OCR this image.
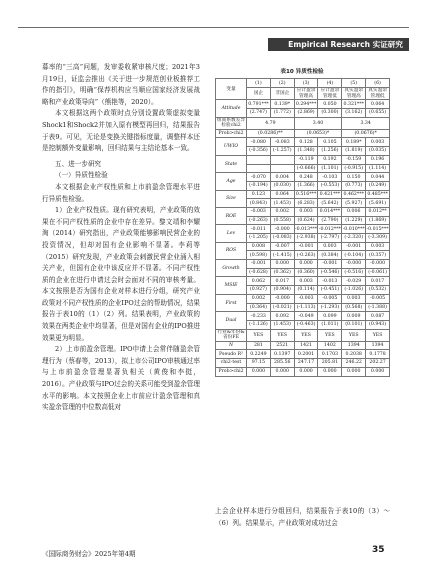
Empirical Research 实证研究

募率的“三高”问题，发审委收紧审核尺度；2021年3月19日，证监会推出《关于进一步规范创业板推荐工作的指引》，明确“保荐机构应当顺应国家经济发展战略和产业政策导向”（熊艳等，2020）。

本文根据这两个政策时点分别设置政策虚拟变量Shock1和Shock2并加入原有模型再回归，结果报告于表9。可见，无论是变换关键指标度量，调整样本还是控制额外变量影响，回归结果与主结论基本一致。

五、进一步研究

（一）异质性检验

本文根据企业产权性质和上市前盈余管理水平进行异质性检验。

1）企业产权性质。现有研究表明，产业政策的效果在不同产权性质的企业中存在差异。黎文靖和李耀淘（2014）研究指出，产业政策能够影响民营企业的投资情况，但却对国有企业影响不显著。李莉等（2015）研究发现，产业政策会刺激民营企业涌入相关产业，但国有企业中该反应并不显著。不同产权性质的企业在进行申请过会时会面对不同的审核考量。本文按照是否为国有企业对样本进行分组，研究产业政策对不同产权性质的企业IPO过会的帮助情况，结果报告于表10的（1）（2）列。结果表明，产业政策的效果在两类企业中均显著，但是对国有企业的IPO推进效果更为明显。

2）上市前盈余管理。IPO申请上会常伴随盈余管理行为（蔡春等，2013），拟上市公司IPO审核通过率与上市前盈余管理显著负相关（黄俊和李挺，2016）。产业政策与IPO过会的关系可能受到盈余管理水平的影响。本文按照企业上市前应计盈余管理和真实盈余管理的中位数高低对

表10 异质性检验
变量	(1)	(2)	(3)	(4)	(5)	(6)
	国企	非国企	应计盈余管理高	应计盈余管理低	真实盈余管理高	真实盈余管理低
Attitude	0.791***	0.139*	0.294***	0.050	0.321***	0.064
	(2.747)	(1.772)	(2.869)	(0.300)	(3.162)	(0.655)
组间系数差异检验chi2	4.79		3.40		3.34	
Prob>chi2	(0.0286)**		(0.0653)*		(0.0676)*	
UWIO	-0.080	-0.083	0.128	0.105	0.189*	0.003
	(-0.356)	(-1.257)	(1.348)	(1.256)	(1.819)	(0.035)
State			-0.119	0.192	-0.159	0.196
			(-0.666)	(1.101)	(-0.915)	(1.114)
Age	-0.070	0.004	0.248	-0.103	0.150	0.044
	(-0.194)	(0.030)	(1.366)	(-0.553)	(0.773)	(0.249)
Size	0.123	0.064	0.516***	0.421***	0.462***	0.485***
	(0.843)	(1.453)	(6.283)	(5.642)	(5.927)	(5.691)
ROE	-0.003	0.002	0.003	0.014***	0.006	0.012**
	(-0.263)	(0.558)	(0.624)	(2.790)	(1.229)	(1.869)
Lev	-0.011	-0.000	-0.013***	-0.012***	-0.010***	-0.015***
	(-1.205)	(-0.083)	(-2.938)	(-2.797)	(-2.320)	(-3.309)
ROS	0.008	-0.007	-0.001	0.003	-0.001	0.003
	(0.598)	(-1.415)	(-0.263)	(0.384)	(-0.104)	(0.357)
Growth	-0.001	0.000	0.000	-0.001	-0.000	-0.000
	(-0.628)	(0.362)	(0.360)	(-0.546)	(-0.516)	(-0.061)
MSIE	0.062	0.017	0.003	-0.013	-0.029	0.017
	(0.927)	(0.904)	(0.114)	(-0.451)	(-1.026)	(0.532)
First	0.002	-0.000	-0.003	-0.005	0.003	-0.005
	(0.364)	(-0.021)	(-1.113)	(-1.293)	(0.568)	(-1.388)
Dual	-0.233	0.092	-0.049	0.099	0.009	0.087
	(-1.126)	(1.453)	(-0.463)	(1.011)	(0.101)	(0.943)
行业&年份&省份FE	YES	YES	YES	YES	YES	YES
N	281	2521	1421	1402	1394	1394
Pseudo R²	0.2249	0.1397	0.2001	0.1703	0.2038	0.1778
chi2-test	97.15	285.56	247.17	205.81	246.22	202.27
Prob>chi2	0.000	0.000	0.000	0.000	0.000	0.000
上会企业样本进行分组回归，结果报告于表10的（3）～（6）列。结果显示，产业政策对成功过会
《国际商务财会》2025年第4期	35
